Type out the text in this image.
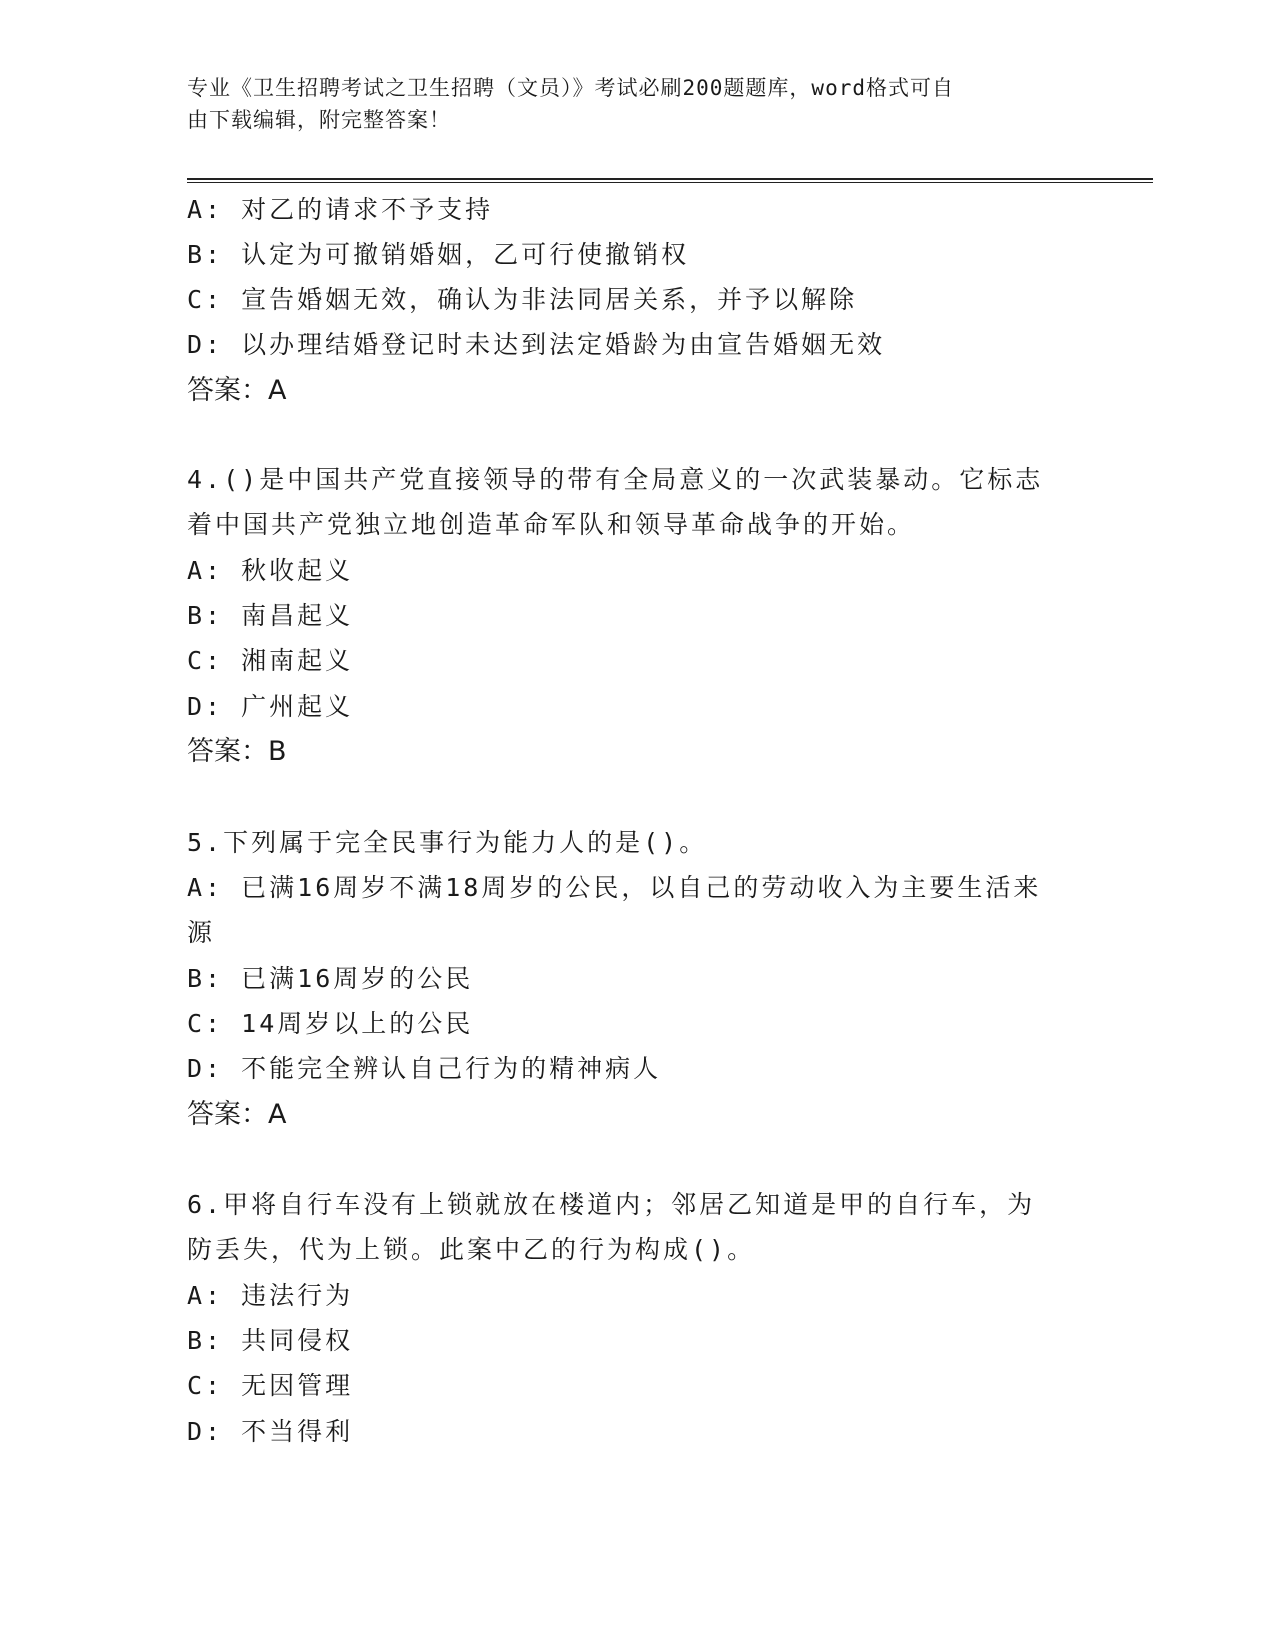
专业《卫生招聘考试之卫生招聘（文员）》考试必刷200题题库，word格式可自
由下载编辑，附完整答案！
A: 对乙的请求不予支持
B: 认定为可撤销婚姻，乙可行使撤销权
C: 宣告婚姻无效，确认为非法同居关系，并予以解除
D: 以办理结婚登记时未达到法定婚龄为由宣告婚姻无效
答案：A
4.()是中国共产党直接领导的带有全局意义的一次武装暴动。它标志
着中国共产党独立地创造革命军队和领导革命战争的开始。
A: 秋收起义
B: 南昌起义
C: 湘南起义
D: 广州起义
答案：B
5.下列属于完全民事行为能力人的是()。
A: 已满16周岁不满18周岁的公民，以自己的劳动收入为主要生活来
源
B: 已满16周岁的公民
C: 14周岁以上的公民
D: 不能完全辨认自己行为的精神病人
答案：A
6.甲将自行车没有上锁就放在楼道内；邻居乙知道是甲的自行车，为
防丢失，代为上锁。此案中乙的行为构成()。
A: 违法行为
B: 共同侵权
C: 无因管理
D: 不当得利
